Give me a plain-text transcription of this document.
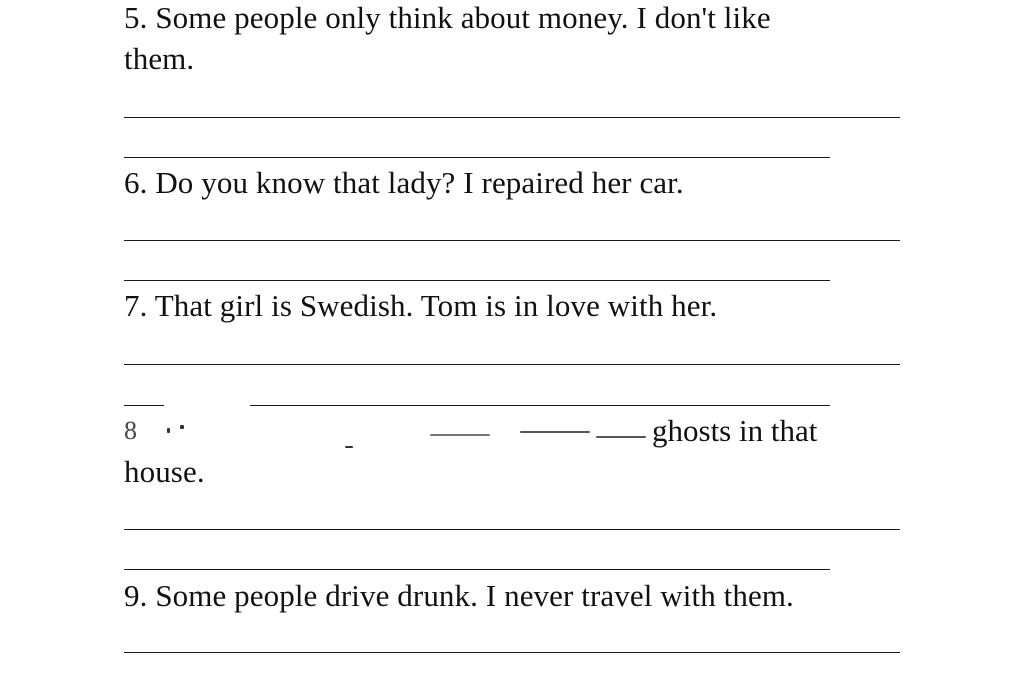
5. Some people only think about money. I don't like
them.
6. Do you know that lady? I repaired her car.
7. That girl is Swedish. Tom is in love with her.
8	ghosts in that
house.
9. Some people drive drunk. I never travel with them.
